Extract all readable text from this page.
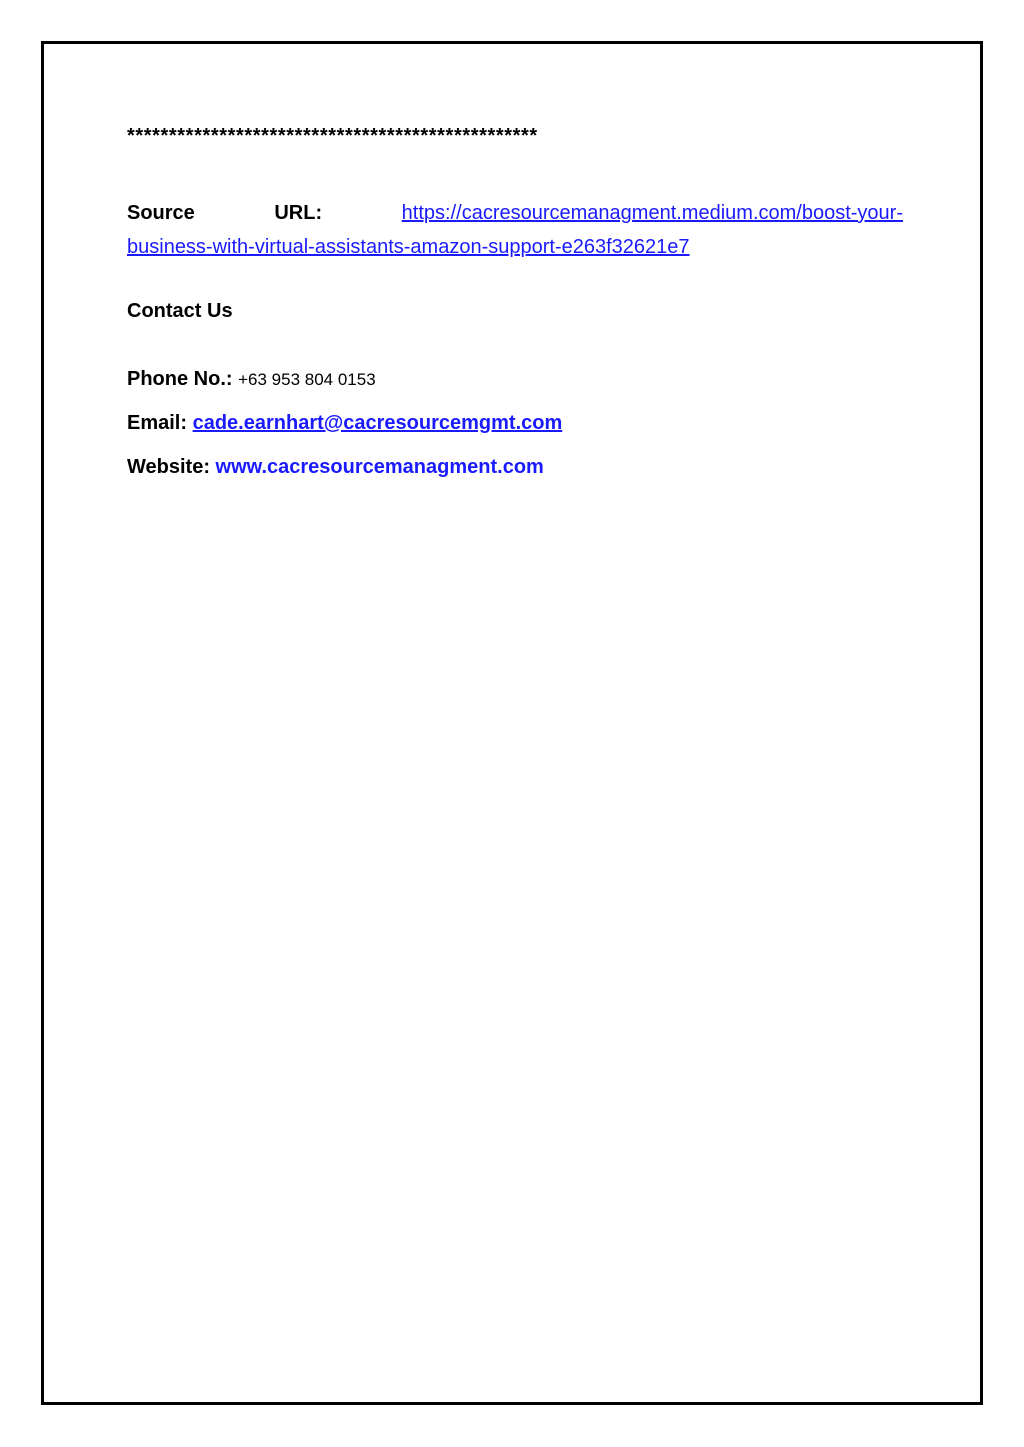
*************************************************
Source	URL:	https://cacresourcemanagment.medium.com/boost-your-
business-with-virtual-assistants-amazon-support-e263f32621e7
Contact Us
Phone No.: +63 953 804 0153
Email: cade.earnhart@cacresourcemgmt.com
Website: www.cacresourcemanagment.com
